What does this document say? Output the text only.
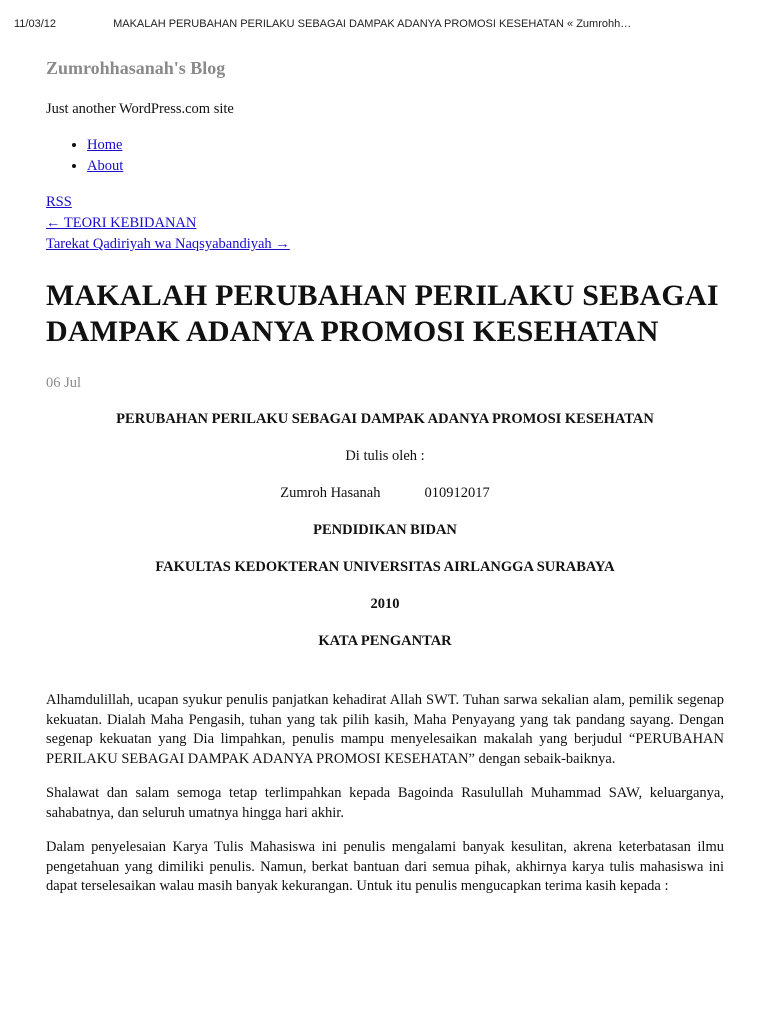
11/03/12	MAKALAH PERUBAHAN PERILAKU SEBAGAI DAMPAK ADANYA PROMOSI KESEHATAN « Zumrohh…
Zumrohhasanah's Blog
Just another WordPress.com site
• Home
• About
RSS
← TEORI KEBIDANAN
Tarekat Qadiriyah wa Naqsyabandiyah →
MAKALAH PERUBAHAN PERILAKU SEBAGAI DAMPAK ADANYA PROMOSI KESEHATAN
06 Jul
PERUBAHAN PERILAKU SEBAGAI DAMPAK ADANYA PROMOSI KESEHATAN
Di tulis oleh :
Zumroh Hasanah	010912017
PENDIDIKAN BIDAN
FAKULTAS KEDOKTERAN UNIVERSITAS AIRLANGGA SURABAYA
2010
KATA PENGANTAR

Alhamdulillah, ucapan syukur penulis panjatkan kehadirat Allah SWT. Tuhan sarwa sekalian alam, pemilik segenap kekuatan. Dialah Maha Pengasih, tuhan yang tak pilih kasih, Maha Penyayang yang tak pandang sayang. Dengan segenap kekuatan yang Dia limpahkan, penulis mampu menyelesaikan makalah yang berjudul “PERUBAHAN PERILAKU SEBAGAI DAMPAK ADANYA PROMOSI KESEHATAN” dengan sebaik-baiknya.

Shalawat dan salam semoga tetap terlimpahkan kepada Bagoinda Rasulullah Muhammad SAW, keluarganya, sahabatnya, dan seluruh umatnya hingga hari akhir.

Dalam penyelesaian Karya Tulis Mahasiswa ini penulis mengalami banyak kesulitan, akrena keterbatasan ilmu pengetahuan yang dimiliki penulis. Namun, berkat bantuan dari semua pihak, akhirnya karya tulis mahasiswa ini dapat terselesaikan walau masih banyak kekurangan. Untuk itu penulis mengucapkan terima kasih kepada :
